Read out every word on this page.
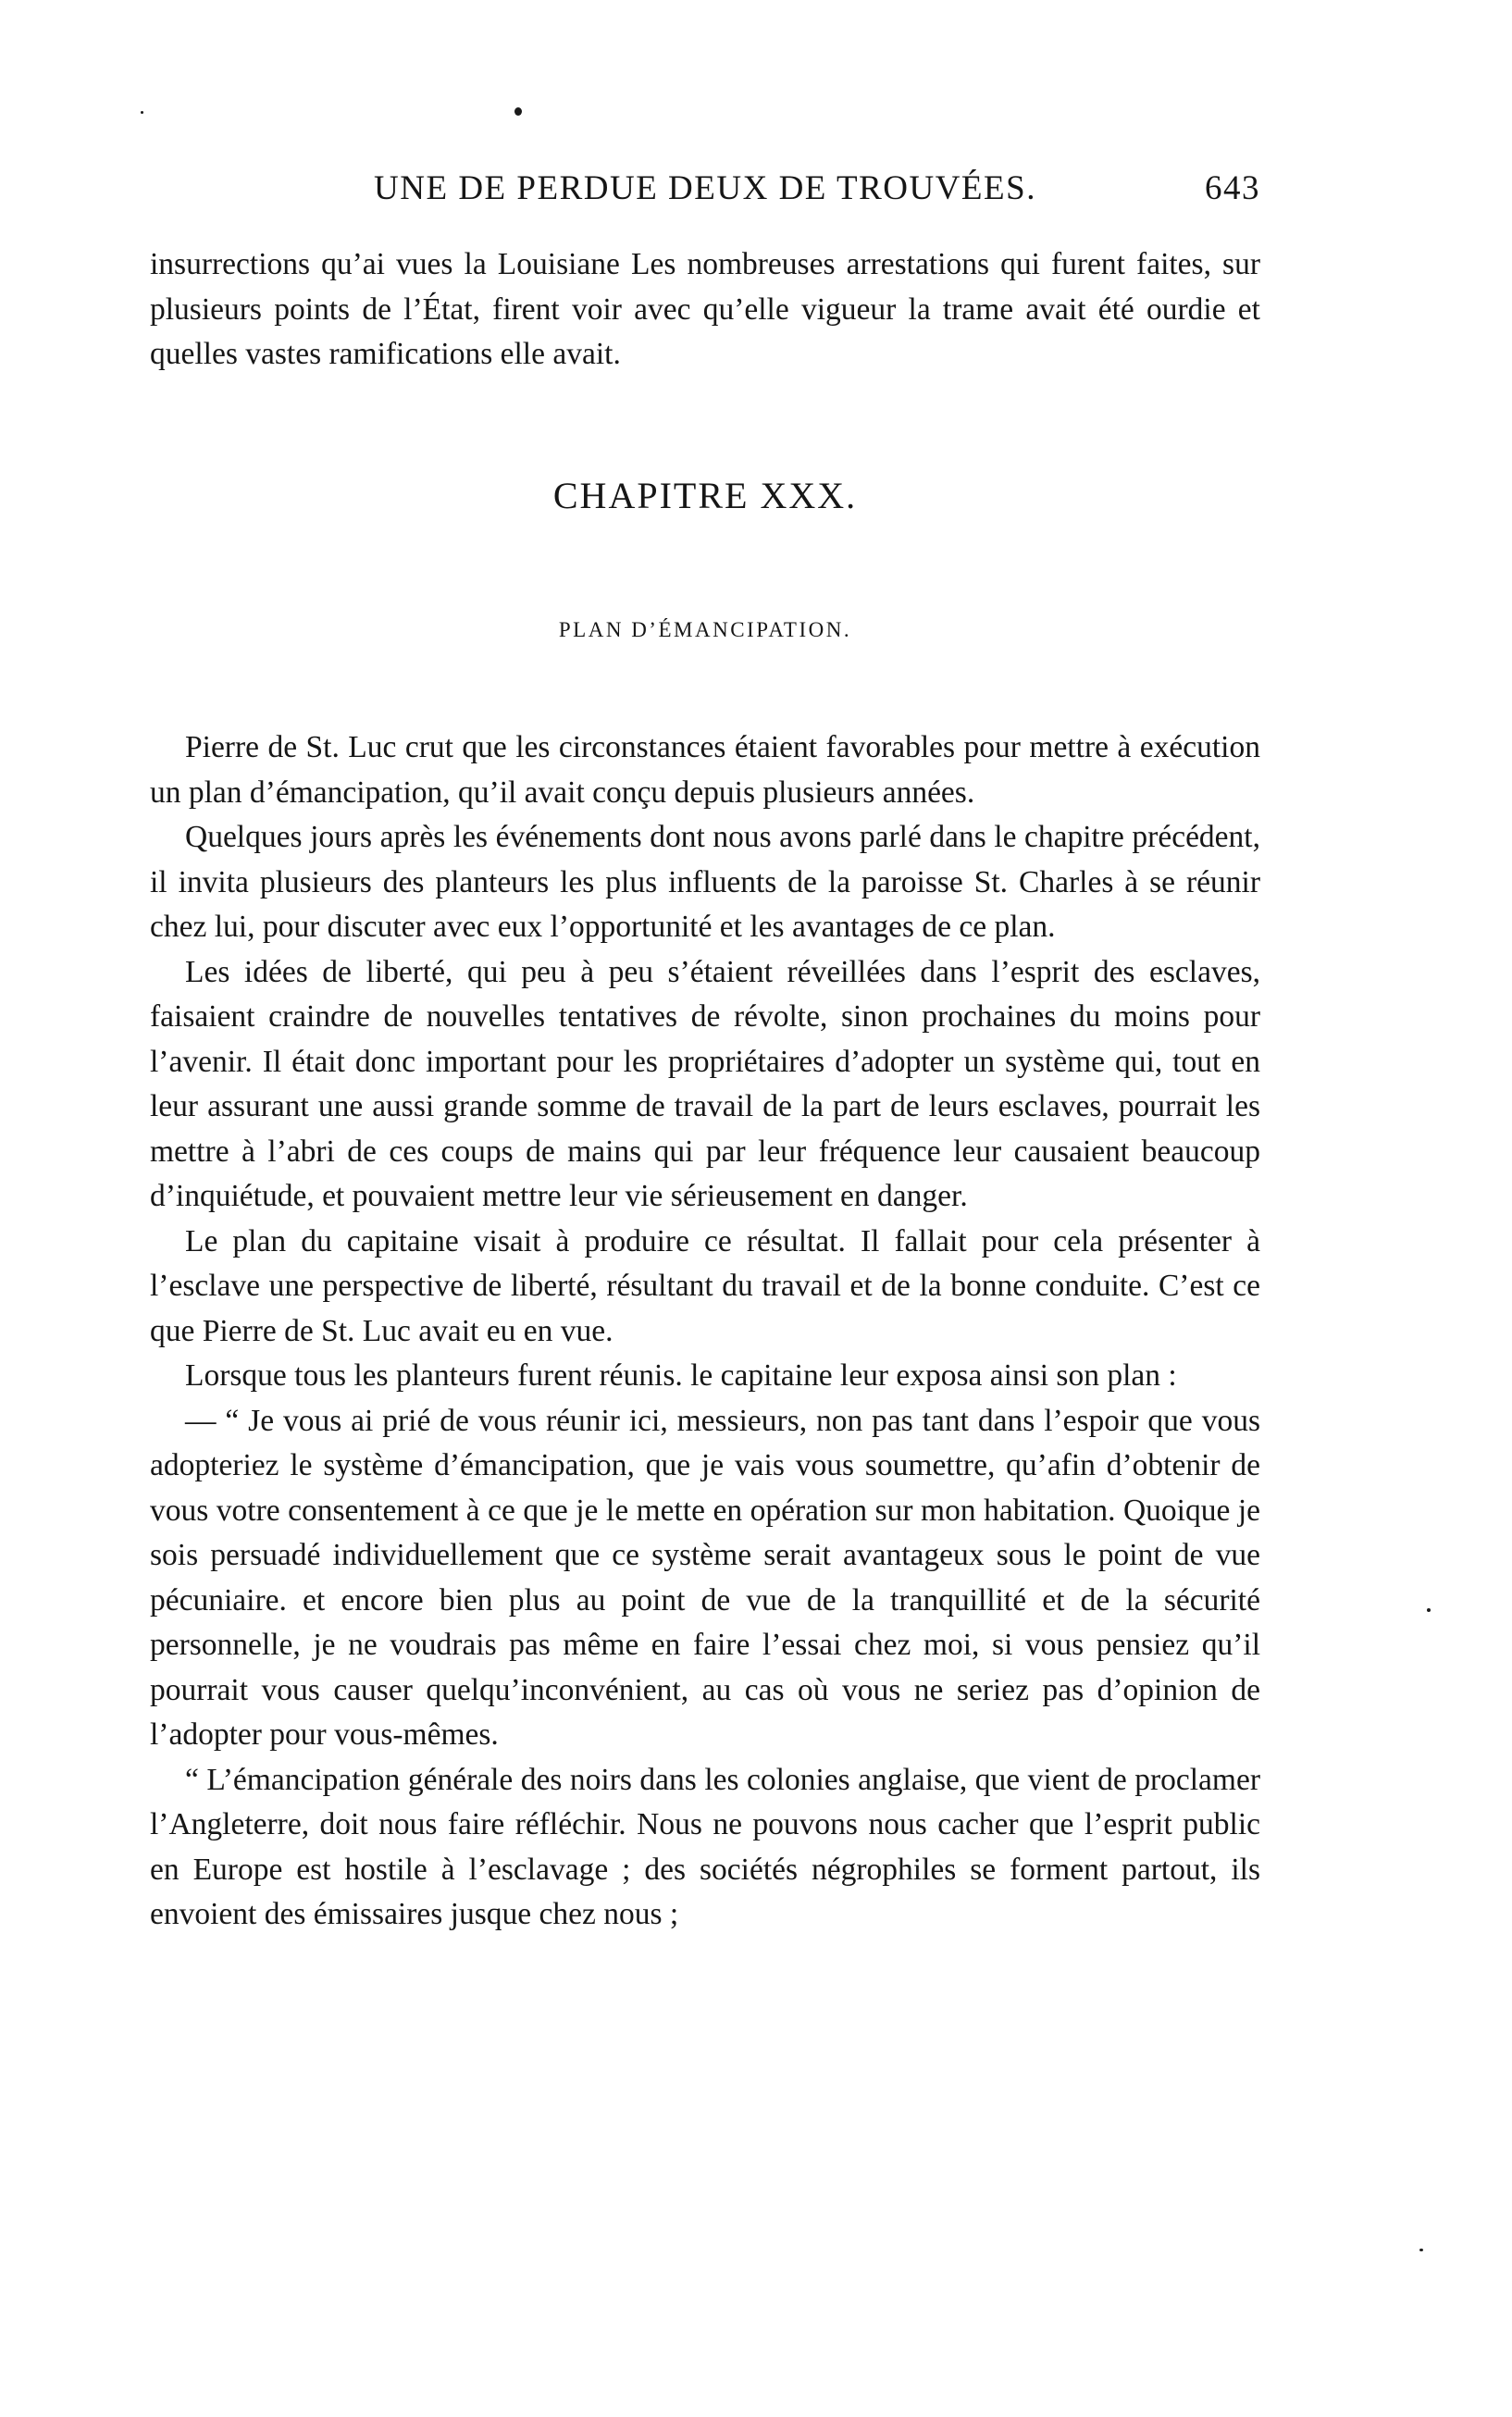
UNE DE PERDUE DEUX DE TROUVÉES.	643

insurrections qu’ai vues la Louisiane Les nombreuses arrestations qui furent faites, sur plusieurs points de l’État, firent voir avec qu’elle vigueur la trame avait été ourdie et quelles vastes ramifications elle avait.

CHAPITRE XXX.
PLAN D’ÉMANCIPATION.

Pierre de St. Luc crut que les circonstances étaient favorables pour mettre à exécution un plan d’émancipation, qu’il avait conçu depuis plusieurs années.

Quelques jours après les événements dont nous avons parlé dans le chapitre précédent, il invita plusieurs des planteurs les plus influents de la paroisse St. Charles à se réunir chez lui, pour discuter avec eux l’opportunité et les avantages de ce plan.

Les idées de liberté, qui peu à peu s’étaient réveillées dans l’esprit des esclaves, faisaient craindre de nouvelles tentatives de révolte, sinon prochaines du moins pour l’avenir. Il était donc important pour les propriétaires d’adopter un système qui, tout en leur assurant une aussi grande somme de travail de la part de leurs esclaves, pourrait les mettre à l’abri de ces coups de mains qui par leur fréquence leur causaient beaucoup d’inquiétude, et pouvaient mettre leur vie sérieusement en danger.

Le plan du capitaine visait à produire ce résultat. Il fallait pour cela présenter à l’esclave une perspective de liberté, résultant du travail et de la bonne conduite. C’est ce que Pierre de St. Luc avait eu en vue.

Lorsque tous les planteurs furent réunis. le capitaine leur exposa ainsi son plan :

— “ Je vous ai prié de vous réunir ici, messieurs, non pas tant dans l’espoir que vous adopteriez le système d’émancipation, que je vais vous soumettre, qu’afin d’obtenir de vous votre consentement à ce que je le mette en opération sur mon habitation. Quoique je sois persuadé individuellement que ce système serait avantageux sous le point de vue pécuniaire. et encore bien plus au point de vue de la tranquillité et de la sécurité personnelle, je ne voudrais pas même en faire l’essai chez moi, si vous pensiez qu’il pourrait vous causer quelqu’inconvénient, au cas où vous ne seriez pas d’opinion de l’adopter pour vous-mêmes.

“ L’émancipation générale des noirs dans les colonies anglaise, que vient de proclamer l’Angleterre, doit nous faire réfléchir. Nous ne pouvons nous cacher que l’esprit public en Europe est hostile à l’esclavage ; des sociétés négrophiles se forment partout, ils envoient des émissaires jusque chez nous ;
